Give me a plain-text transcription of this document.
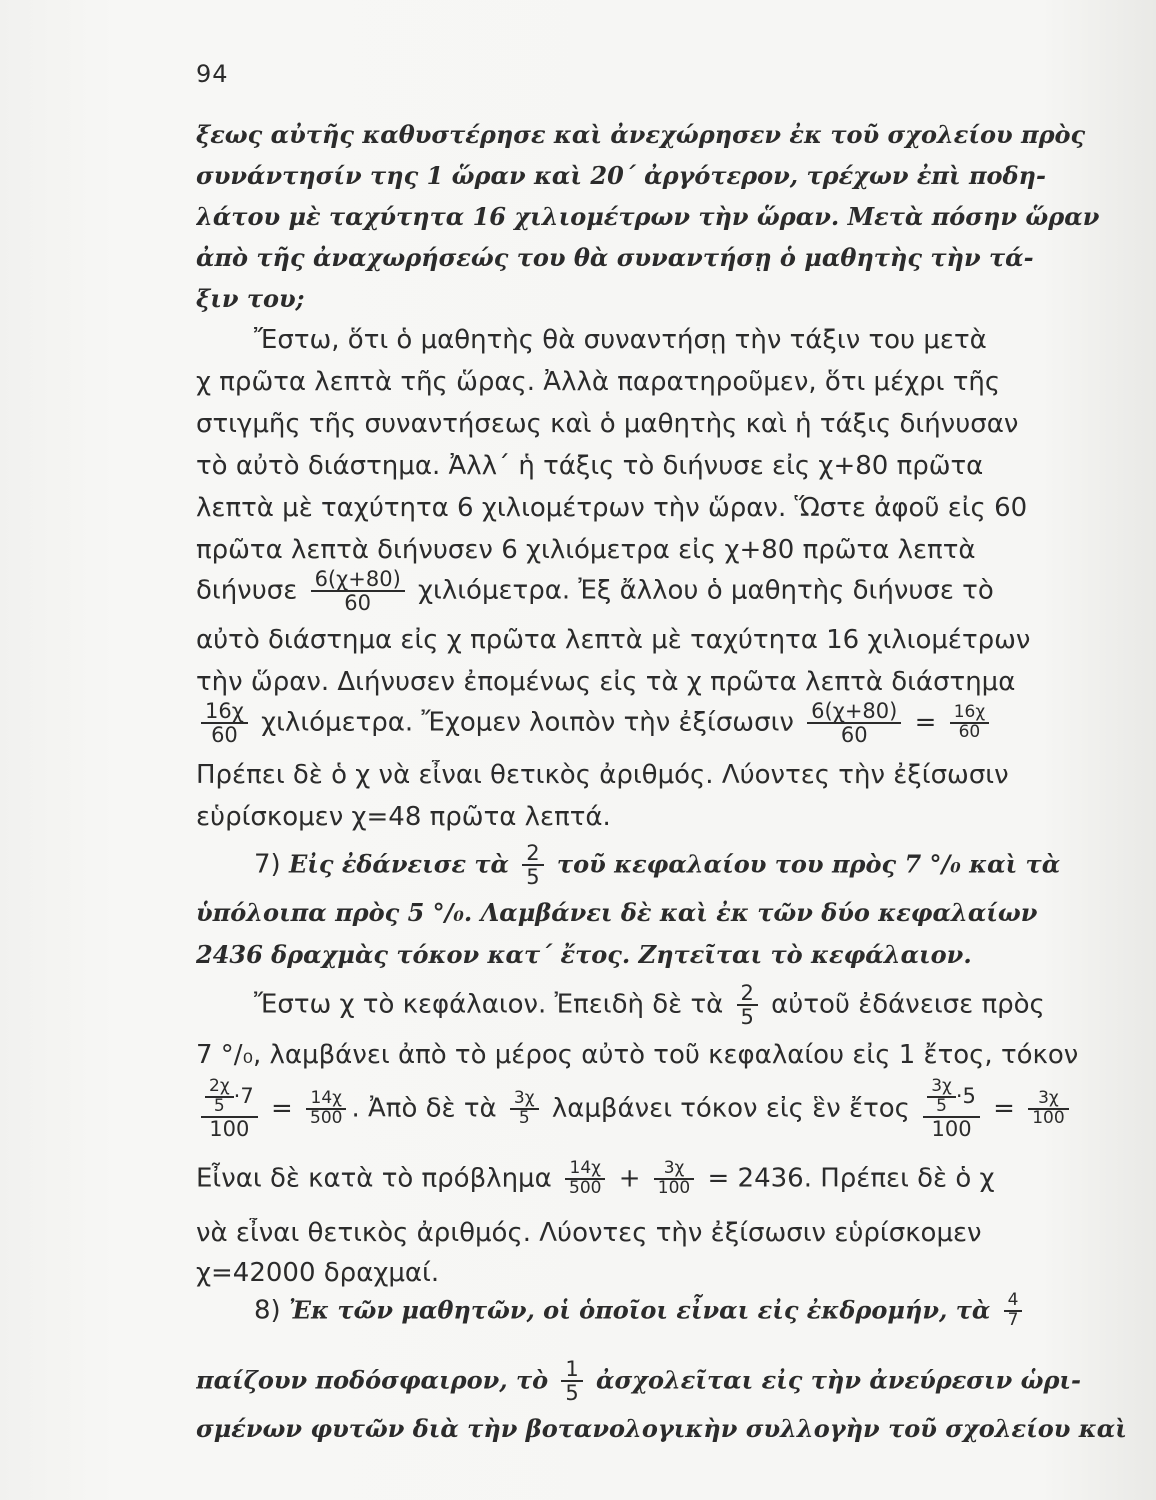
94
ξεως αὐτῆς καθυστέρησε καὶ ἀνεχώρησεν ἐκ τοῦ σχολείου πρὸς
συνάντησίν της 1 ὥραν καὶ 20΄ ἀργότερον, τρέχων ἐπὶ ποδη-
λάτου μὲ ταχύτητα 16 χιλιομέτρων τὴν ὥραν. Μετὰ πόσην ὥραν
ἀπὸ τῆς ἀναχωρήσεώς του θὰ συναντήσῃ ὁ μαθητὴς τὴν τά-
ξιν του;
Ἔστω, ὅτι ὁ μαθητὴς θὰ συναντήσῃ τὴν τάξιν του μετὰ
χ πρῶτα λεπτὰ τῆς ὥρας. Ἀλλὰ παρατηροῦμεν, ὅτι μέχρι τῆς
στιγμῆς τῆς συναντήσεως καὶ ὁ μαθητὴς καὶ ἡ τάξις διήνυσαν
τὸ αὐτὸ διάστημα. Ἀλλ΄ ἡ τάξις τὸ διήνυσε εἰς χ+80 πρῶτα
λεπτὰ μὲ ταχύτητα 6 χιλιομέτρων τὴν ὥραν. Ὥστε ἀφοῦ εἰς 60
πρῶτα λεπτὰ διήνυσεν 6 χιλιόμετρα εἰς χ+80 πρῶτα λεπτὰ
διήνυσε $\frac{6(\chi+80)}{60} \chi\iota\lambda\iota ό\mu\varepsilon\tau\rho\alpha$. Ἐξ ἄλλου ὁ μαθητὴς διήνυσε τὸ
αὐτὸ διάστημα εἰς χ πρῶτα λεπτὰ μὲ ταχύτητα 16 χιλιομέτρων
τὴν ὥραν. Διήνυσεν ἐπομένως εἰς τὰ χ πρῶτα λεπτὰ διάστημα
$\frac{16\chi}{60} \chi\iota\lambda\iota ό\mu\varepsilon\tau\rho\alpha$. Ἔχομεν λοιπὸν τὴν ἐξίσωσιν $\frac{6(\chi+80)}{60} = \frac{16\chi}{60}$
Πρέπει δὲ ὁ χ νὰ εἶναι θετικὸς ἀριθμός. Λύοντες τὴν ἐξίσωσιν
εὑρίσκομεν χ=48 πρῶτα λεπτά.
7) Εἰς ἐδάνεισε τὰ $\frac{2}{5}$ τοῦ κεφαλαίου του πρὸς 7 °/₀ καὶ τὰ
ὑπόλοιπα πρὸς 5 °/₀. Λαμβάνει δὲ καὶ ἐκ τῶν δύο κεφαλαίων
2436 δραχμὰς τόκον κατ΄ ἔτος. Ζητεῖται τὸ κεφάλαιον.
Ἔστω χ τὸ κεφάλαιον. Ἐπειδὴ δὲ τὰ $\frac{2}{5}$ αὐτοῦ ἐδάνεισε πρὸς
7 °/₀, λαμβάνει ἀπὸ τὸ μέρος αὐτὸ τοῦ κεφαλαίου εἰς 1 ἔτος, τόκον
$\frac{\frac{2\chi}{5} \cdot 7}{100} = \frac{14\chi}{500}$ . Ἀπὸ δὲ τὰ $\frac{3\chi}{5}$ λαμβάνει τόκον εἰς ἓν ἔτος $\frac{\frac{3\chi}{5} \cdot 5}{100} = \frac{3\chi}{100}$
Εἶναι δὲ κατὰ τὸ πρόβλημα $\frac{14\chi}{500} + \frac{3\chi}{100} = 2436$. Πρέπει δὲ ὁ χ
νὰ εἶναι θετικὸς ἀριθμός. Λύοντες τὴν ἐξίσωσιν εὑρίσκομεν
χ=42000 δραχμαί.
8) Ἐκ τῶν μαθητῶν, οἱ ὁποῖοι εἶναι εἰς ἐκδρομήν, τὰ $\frac{4}{7}$
παίζουν ποδόσφαιρον, τὸ $\frac{1}{5}$ ἀσχολεῖται εἰς τὴν ἀνεύρεσιν ὡρι-
σμένων φυτῶν διὰ τὴν βοτανολογικὴν συλλογὴν τοῦ σχολείου καὶ
